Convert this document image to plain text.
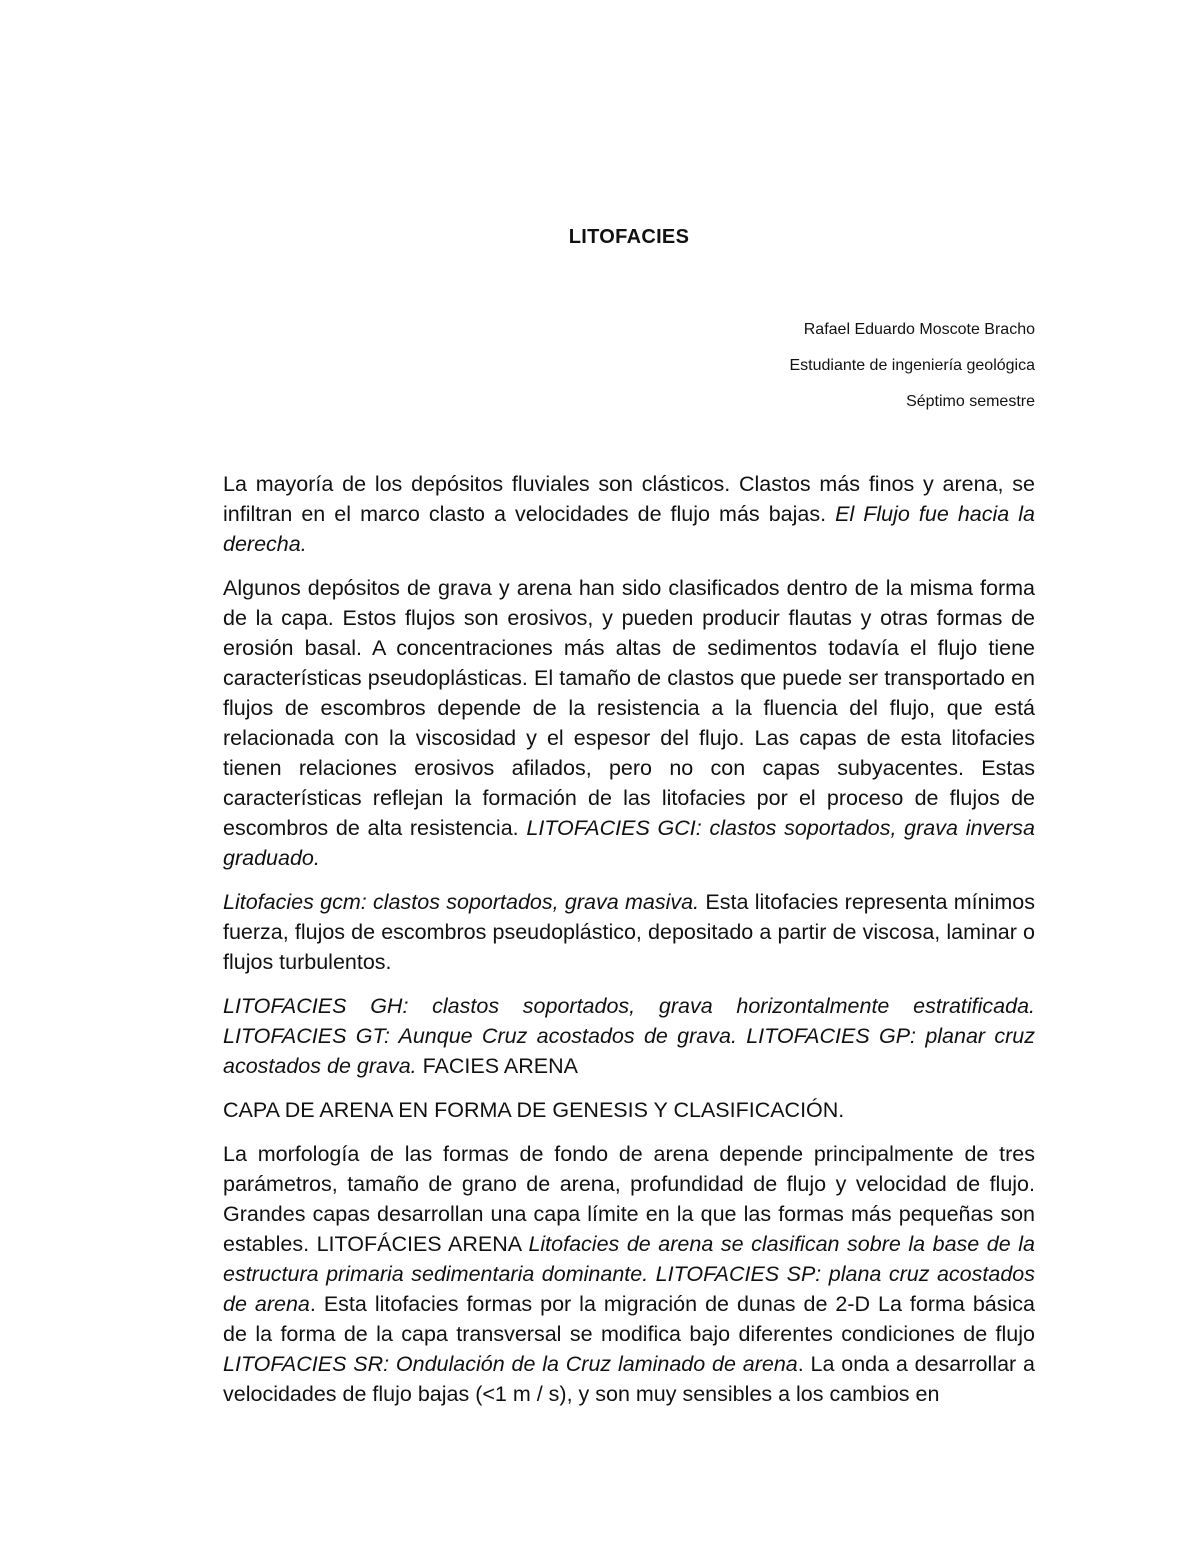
LITOFACIES
Rafael Eduardo Moscote Bracho
Estudiante de ingeniería geológica
Séptimo semestre

La mayoría de los depósitos fluviales son clásticos. Clastos más finos y arena, se infiltran en el marco clasto a velocidades de flujo más bajas. El Flujo fue hacia la derecha.

Algunos depósitos de grava y arena han sido clasificados dentro de la misma forma de la capa. Estos flujos son erosivos, y pueden producir flautas y otras formas de erosión basal. A concentraciones más altas de sedimentos todavía el flujo tiene características pseudoplásticas. El tamaño de clastos que puede ser transportado en flujos de escombros depende de la resistencia a la fluencia del flujo, que está relacionada con la viscosidad y el espesor del flujo. Las capas de esta litofacies tienen relaciones erosivos afilados, pero no con capas subyacentes. Estas características reflejan la formación de las litofacies por el proceso de flujos de escombros de alta resistencia. LITOFACIES GCI: clastos soportados, grava inversa graduado.

Litofacies gcm: clastos soportados, grava masiva. Esta litofacies representa mínimos fuerza, flujos de escombros pseudoplástico, depositado a partir de viscosa, laminar o flujos turbulentos.

LITOFACIES GH: clastos soportados, grava horizontalmente estratificada. LITOFACIES GT: Aunque Cruz acostados de grava. LITOFACIES GP: planar cruz acostados de grava. FACIES ARENA

CAPA DE ARENA EN FORMA DE GENESIS Y CLASIFICACIÓN.

La morfología de las formas de fondo de arena depende principalmente de tres parámetros, tamaño de grano de arena, profundidad de flujo y velocidad de flujo. Grandes capas desarrollan una capa límite en la que las formas más pequeñas son estables. LITOFÁCIES ARENA Litofacies de arena se clasifican sobre la base de la estructura primaria sedimentaria dominante. LITOFACIES SP: plana cruz acostados de arena. Esta litofacies formas por la migración de dunas de 2-D La forma básica de la forma de la capa transversal se modifica bajo diferentes condiciones de flujo LITOFACIES SR: Ondulación de la Cruz laminado de arena. La onda a desarrollar a velocidades de flujo bajas (<1 m / s), y son muy sensibles a los cambios en
